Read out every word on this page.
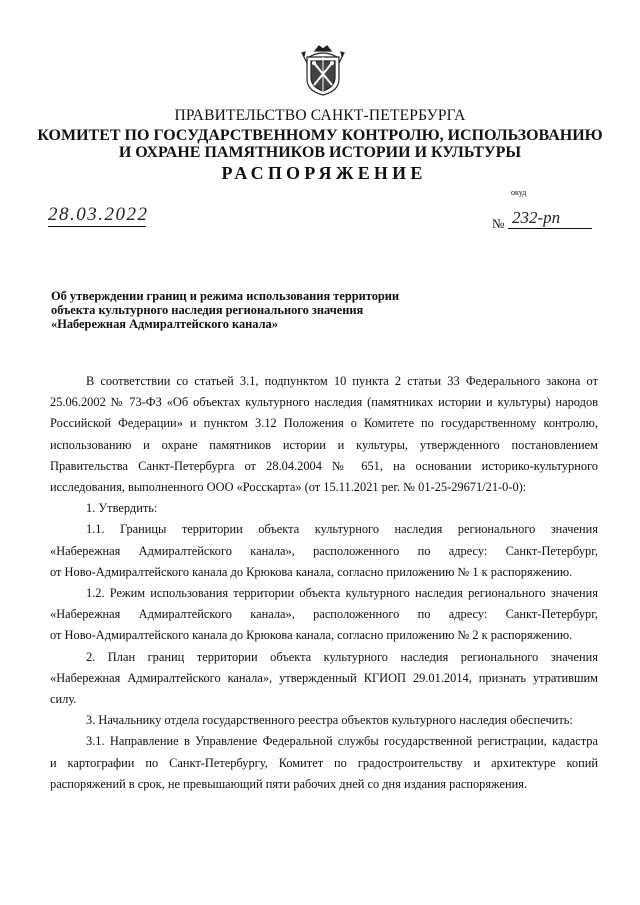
ПРАВИТЕЛЬСТВО САНКТ-ПЕТЕРБУРГА
КОМИТЕТ ПО ГОСУДАРСТВЕННОМУ КОНТРОЛЮ, ИСПОЛЬЗОВАНИЮ
И ОХРАНЕ ПАМЯТНИКОВ ИСТОРИИ И КУЛЬТУРЫ
РАСПОРЯЖЕНИЕ
окуд
28.03.2022	№ 232-рп
Об утверждении границ и режима использования территории
объекта культурного наследия регионального значения
«Набережная Адмиралтейского канала»

В соответствии со статьей 3.1, подпунктом 10 пункта 2 статьи 33 Федерального закона от

25.06.2002 № 73-ФЗ «Об объектах культурного наследия (памятниках истории и культуры) народов

Российской Федерации» и пунктом 3.12 Положения о Комитете по государственному контролю,

использованию и охране памятников истории и культуры, утвержденного постановлением

Правительства Санкт-Петербурга от 28.04.2004 № 651, на основании историко-культурного

исследования, выполненного ООО «Росскарта» (от 15.11.2021 рег. № 01-25-29671/21-0-0):

1. Утвердить:

1.1. Границы территории объекта культурного наследия регионального значения

«Набережная Адмиралтейского канала», расположенного по адресу: Санкт-Петербург,

от Ново-Адмиралтейского канала до Крюкова канала, согласно приложению № 1 к распоряжению.

1.2. Режим использования территории объекта культурного наследия регионального значения

«Набережная Адмиралтейского канала», расположенного по адресу: Санкт-Петербург,

от Ново-Адмиралтейского канала до Крюкова канала, согласно приложению № 2 к распоряжению.

2. План границ территории объекта культурного наследия регионального значения

«Набережная Адмиралтейского канала», утвержденный КГИОП 29.01.2014, признать утратившим

силу.

3. Начальнику отдела государственного реестра объектов культурного наследия обеспечить:

3.1. Направление в Управление Федеральной службы государственной регистрации, кадастра

и картографии по Санкт-Петербургу, Комитет по градостроительству и архитектуре копий

распоряжений в срок, не превышающий пяти рабочих дней со дня издания распоряжения.
